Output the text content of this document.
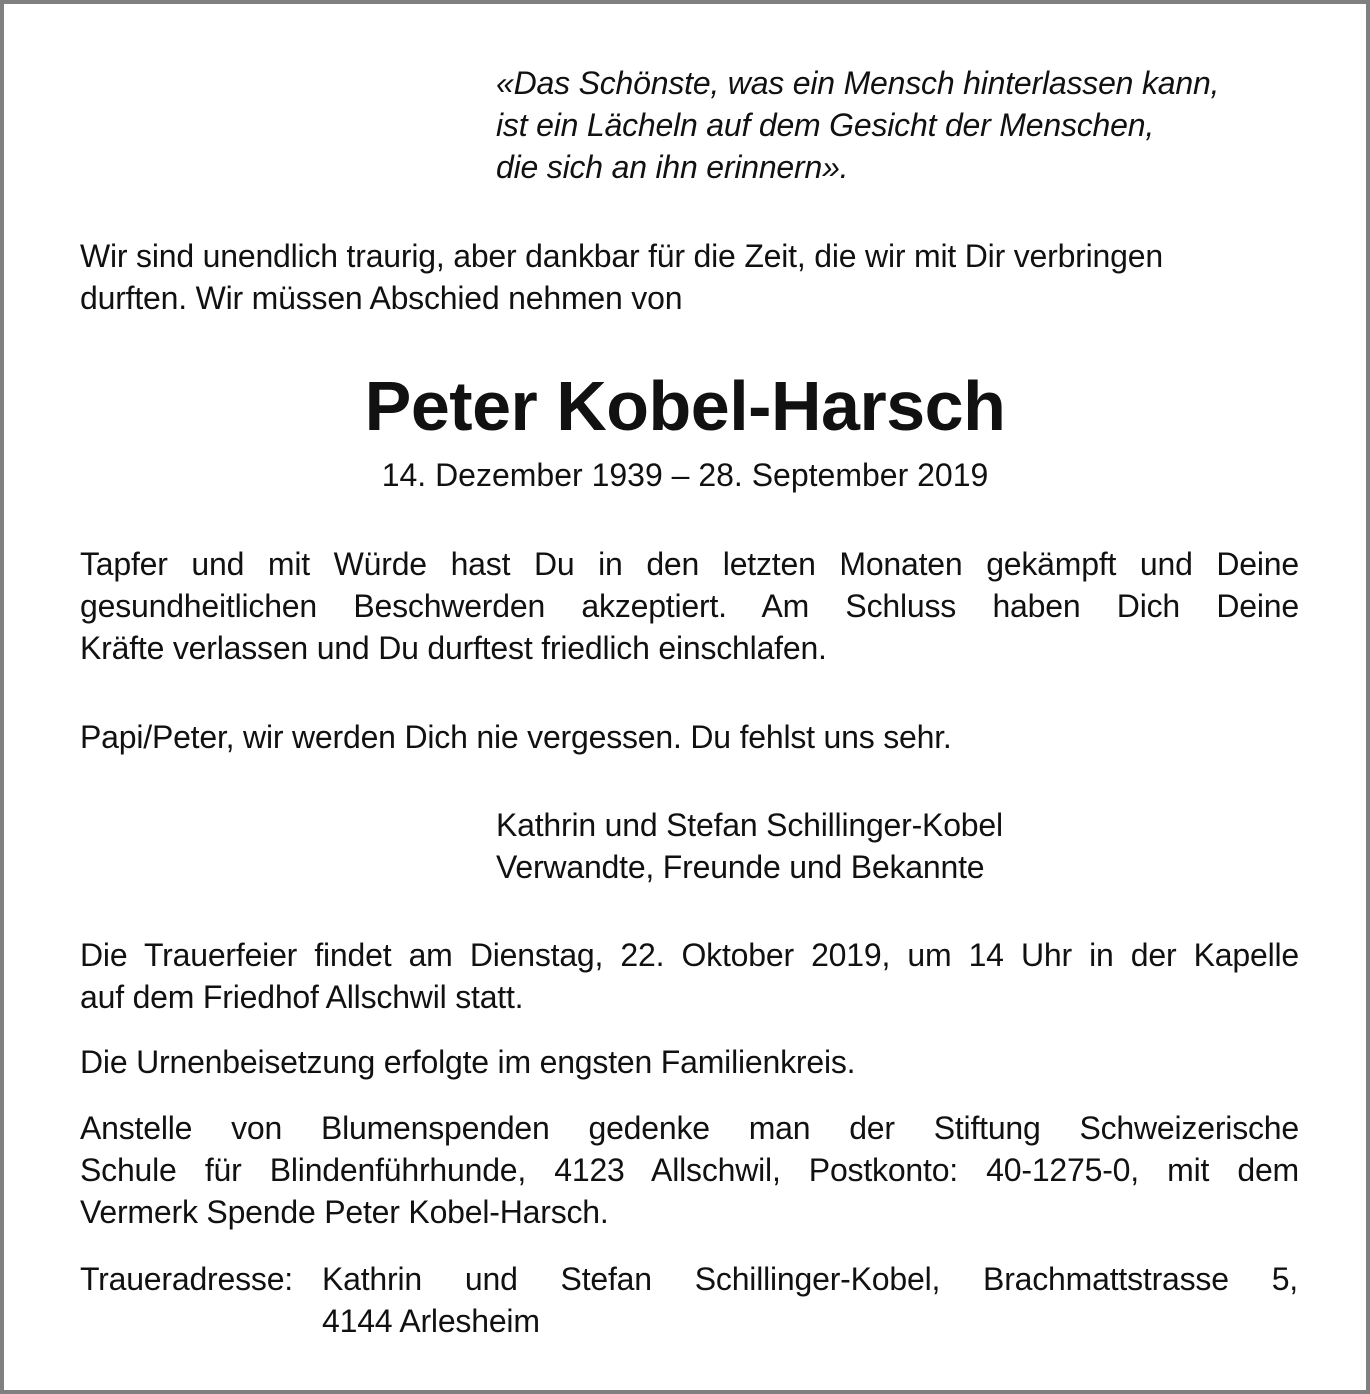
«Das Schönste, was ein Mensch hinterlassen kann,
ist ein Lächeln auf dem Gesicht der Menschen,
die sich an ihn erinnern».
Wir sind unendlich traurig, aber dankbar für die Zeit, die wir mit Dir verbringen
durften. Wir müssen Abschied nehmen von
Peter Kobel-Harsch
14. Dezember 1939 – 28. September 2019
Tapfer und mit Würde hast Du in den letzten Monaten gekämpft und Deine
gesundheitlichen Beschwerden akzeptiert. Am Schluss haben Dich Deine
Kräfte verlassen und Du durftest friedlich einschlafen.
Papi/Peter, wir werden Dich nie vergessen. Du fehlst uns sehr.
Kathrin und Stefan Schillinger-Kobel
Verwandte, Freunde und Bekannte
Die Trauerfeier findet am Dienstag, 22. Oktober 2019, um 14 Uhr in der Kapelle
auf dem Friedhof Allschwil statt.
Die Urnenbeisetzung erfolgte im engsten Familienkreis.
Anstelle von Blumenspenden gedenke man der Stiftung Schweizerische
Schule für Blindenführhunde, 4123 Allschwil, Postkonto: 40-1275-0, mit dem
Vermerk Spende Peter Kobel-Harsch.
Traueradresse: Kathrin und Stefan Schillinger-Kobel, Brachmattstrasse 5,
4144 Arlesheim
